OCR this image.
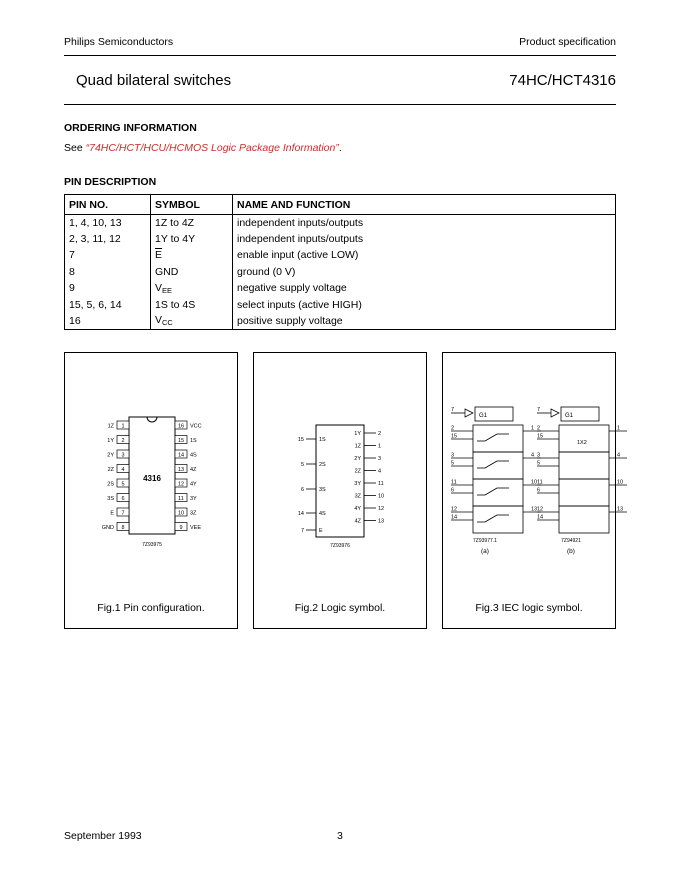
Philips Semiconductors	Product specification
Quad bilateral switches	74HC/HCT4316
ORDERING INFORMATION
See “74HC/HCT/HCU/HCMOS Logic Package Information”.
PIN DESCRIPTION
PIN NO.	SYMBOL	NAME AND FUNCTION
1, 4, 10, 13	1Z to 4Z	independent inputs/outputs
2, 3, 11, 12	1Y to 4Y	independent inputs/outputs
7	$\overline{E}$	enable input (active LOW)
8	GND	ground (0 V)
9	$V_{EE}$	negative supply voltage
15, 5, 6, 14	1S to 4S	select inputs (active HIGH)
16	$V_{CC}$	positive supply voltage
4316
1
1Z
2
1Y
3
2Y
4
2Z
5
2S
6
3S
7
E
8
GND
16 VCC
15 1S
14 4S
13 4Z
12 4Y
11 3Y
10 3Z
9 VEE
7Z93975
Fig.1 Pin configuration.
15	1S
5	2S
6	3S
14	4S
7	E
1Y	2
1Z	1
2Y	3
2Z	4
3Y	11
3Z	10
4Y	12
4Z	13
7Z93976
Fig.2 Logic symbol.
7
G1
2
15
1
3
5
4
11
6
10
12
14
13
7Z93977.1
(a)
7
G1
2
15
1
3
5
4
11
6
10
12
14
13
1X2
7Z94921
(b)
Fig.3 IEC logic symbol.
September 1993	3
